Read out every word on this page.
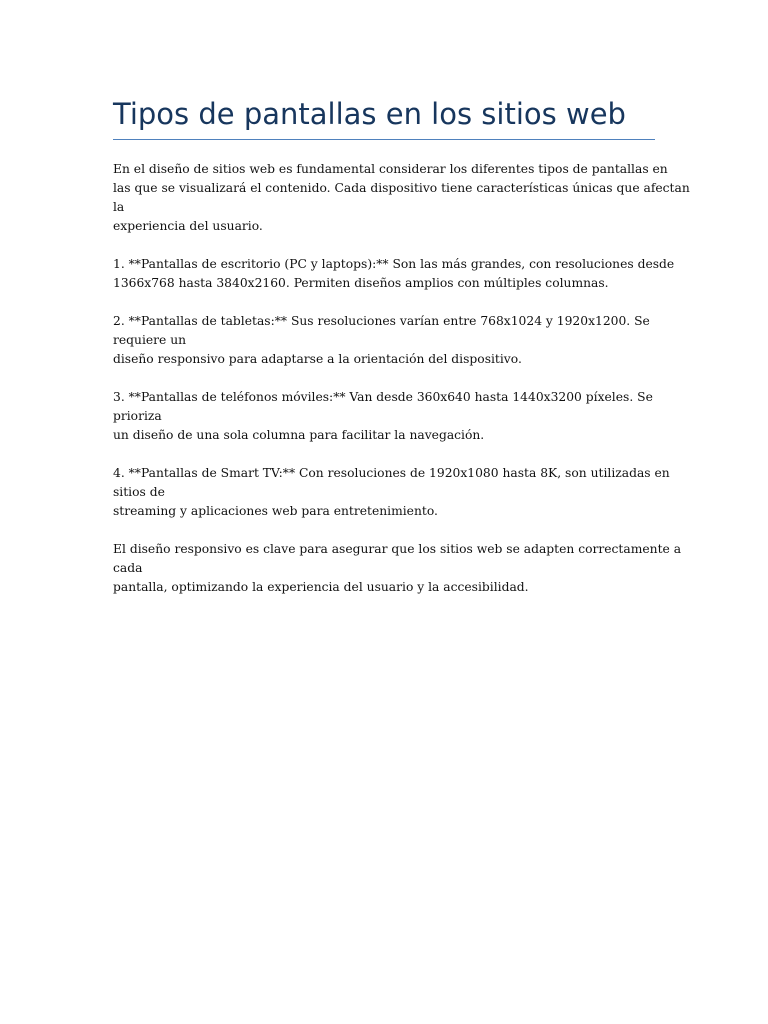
Tipos de pantallas en los sitios web

En el diseño de sitios web es fundamental considerar los diferentes tipos de pantallas en
las que se visualizará el contenido. Cada dispositivo tiene características únicas que afectan
la
experiencia del usuario.

1. **Pantallas de escritorio (PC y laptops):** Son las más grandes, con resoluciones desde
1366x768 hasta 3840x2160. Permiten diseños amplios con múltiples columnas.

2. **Pantallas de tabletas:** Sus resoluciones varían entre 768x1024 y 1920x1200. Se
requiere un
diseño responsivo para adaptarse a la orientación del dispositivo.

3. **Pantallas de teléfonos móviles:** Van desde 360x640 hasta 1440x3200 píxeles. Se
prioriza
un diseño de una sola columna para facilitar la navegación.

4. **Pantallas de Smart TV:** Con resoluciones de 1920x1080 hasta 8K, son utilizadas en
sitios de
streaming y aplicaciones web para entretenimiento.

El diseño responsivo es clave para asegurar que los sitios web se adapten correctamente a
cada
pantalla, optimizando la experiencia del usuario y la accesibilidad.
